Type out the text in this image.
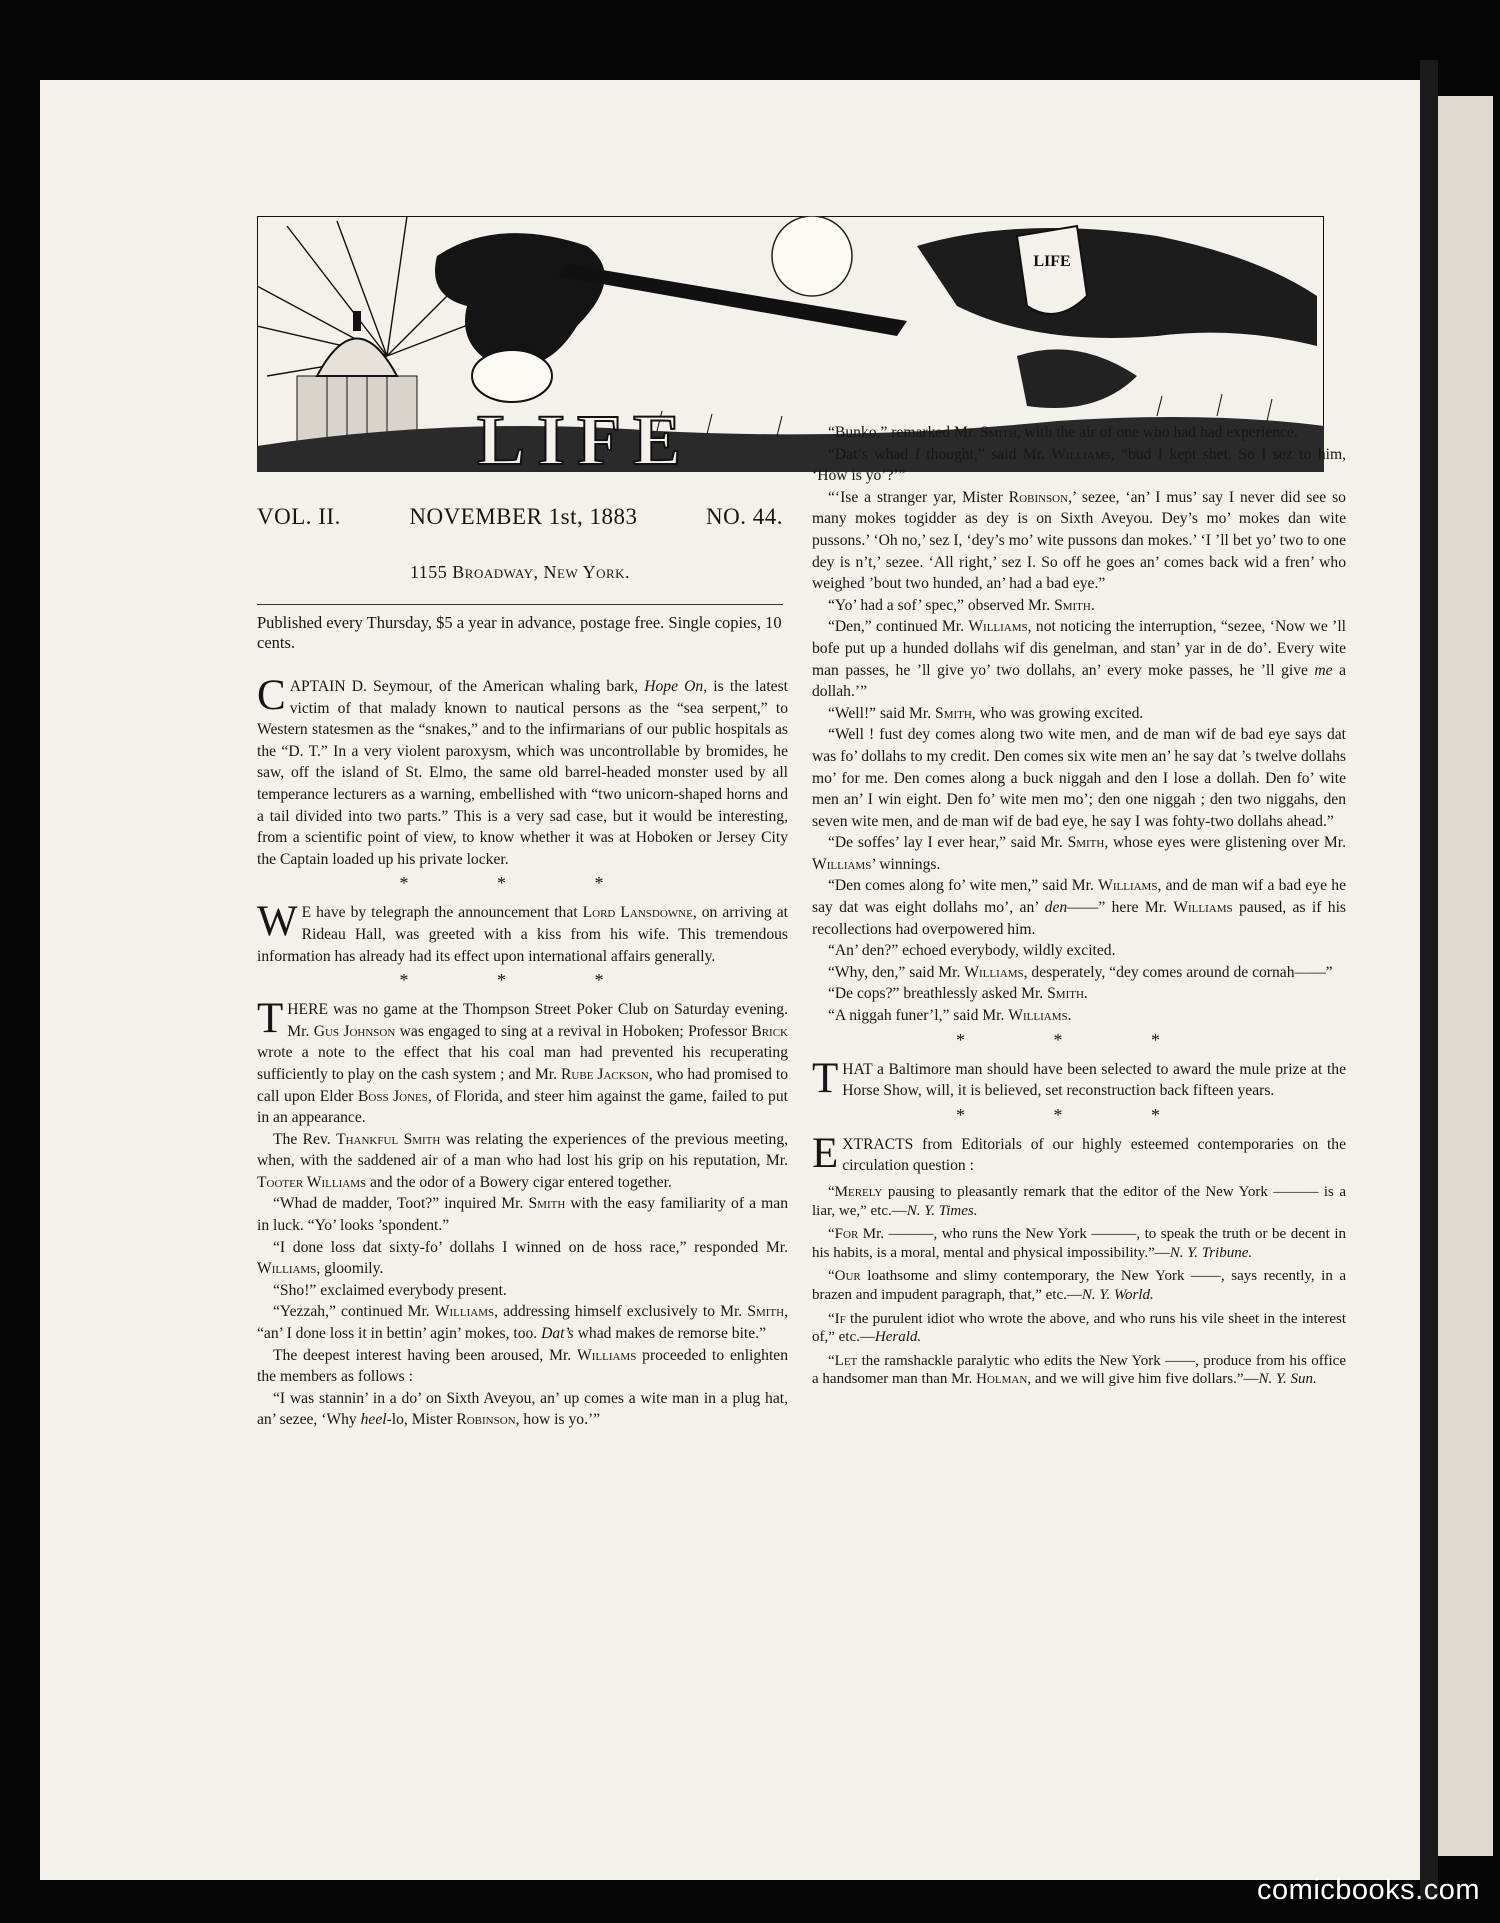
LIFE
LIFE
VOL. II.	NOVEMBER 1st, 1883	NO. 44.
1155 Broadway, New York.
Published every Thursday, $5 a year in advance, postage free. Single copies, 10 cents.

CAPTAIN D. Seymour, of the American whaling bark, Hope On, is the latest victim of that malady known to nautical persons as the “sea serpent,” to Western statesmen as the “snakes,” and to the infirmarians of our public hospitals as the “D. T.” In a very violent paroxysm, which was uncontrollable by bromides, he saw, off the island of St. Elmo, the same old barrel-headed monster used by all temperance lecturers as a warning, embellished with “two unicorn-shaped horns and a tail divided into two parts.” This is a very sad case, but it would be interesting, from a scientific point of view, to know whether it was at Hoboken or Jersey City the Captain loaded up his private locker.

* * *

W E have by telegraph the announcement that Lord Lansdowne, on arriving at Rideau Hall, was greeted with a kiss from his wife. This tremendous information has already had its effect upon international affairs generally.

* * *

THERE was no game at the Thompson Street Poker Club on Saturday evening. Mr. Gus Johnson was engaged to sing at a revival in Hoboken; Professor Brick wrote a note to the effect that his coal man had prevented his recuperating sufficiently to play on the cash system ; and Mr. Rube Jackson, who had promised to call upon Elder Boss Jones, of Florida, and steer him against the game, failed to put in an appearance.

The Rev. Thankful Smith was relating the experiences of the previous meeting, when, with the saddened air of a man who had lost his grip on his reputation, Mr. Tooter Williams and the odor of a Bowery cigar entered together.

“Whad de madder, Toot?” inquired Mr. Smith with the easy familiarity of a man in luck. “Yo’ looks ’spondent.”

“I done loss dat sixty-fo’ dollahs I winned on de hoss race,” responded Mr. Williams, gloomily.

“Sho!” exclaimed everybody present.

“Yezzah,” continued Mr. Williams, addressing himself exclusively to Mr. Smith, “an’ I done loss it in bettin’ agin’ mokes, too. Dat’s whad makes de remorse bite.”

The deepest interest having been aroused, Mr. Williams proceeded to enlighten the members as follows :

“I was stannin’ in a do’ on Sixth Aveyou, an’ up comes a wite man in a plug hat, an’ sezee, ‘Why heel-lo, Mister Robinson, how is yo.’”

“Bunko,” remarked Mr. Smith, with the air of one who had had experience.

“Dat’s whad I thought,” said Mr. Williams, “bud I kept shet. So I sez to him, ‘How is yo’?’”

“‘Ise a stranger yar, Mister Robinson,’ sezee, ‘an’ I mus’ say I never did see so many mokes togidder as dey is on Sixth Aveyou. Dey’s mo’ mokes dan wite pussons.’ ‘Oh no,’ sez I, ‘dey’s mo’ wite pussons dan mokes.’ ‘I ’ll bet yo’ two to one dey is n’t,’ sezee. ‘All right,’ sez I. So off he goes an’ comes back wid a fren’ who weighed ’bout two hunded, an’ had a bad eye.”

“Yo’ had a sof’ spec,” observed Mr. Smith.

“Den,” continued Mr. Williams, not noticing the interruption, “sezee, ‘Now we ’ll bofe put up a hunded dollahs wif dis genelman, and stan’ yar in de do’. Every wite man passes, he ’ll give yo’ two dollahs, an’ every moke passes, he ’ll give me a dollah.’”

“Well!” said Mr. Smith, who was growing excited.

“Well ! fust dey comes along two wite men, and de man wif de bad eye says dat was fo’ dollahs to my credit. Den comes six wite men an’ he say dat ’s twelve dollahs mo’ for me. Den comes along a buck niggah and den I lose a dollah. Den fo’ wite men an’ I win eight. Den fo’ wite men mo’; den one niggah ; den two niggahs, den seven wite men, and de man wif de bad eye, he say I was fohty-two dollahs ahead.”

“De soffes’ lay I ever hear,” said Mr. Smith, whose eyes were glistening over Mr. Williams’ winnings.

“Den comes along fo’ wite men,” said Mr. Williams, and de man wif a bad eye he say dat was eight dollahs mo’, an’ den——” here Mr. Williams paused, as if his recollections had overpowered him.

“An’ den?” echoed everybody, wildly excited.

“Why, den,” said Mr. Williams, desperately, “dey comes around de cornah——”

“De cops?” breathlessly asked Mr. Smith.

“A niggah funer’l,” said Mr. Williams.

* * *

THAT a Baltimore man should have been selected to award the mule prize at the Horse Show, will, it is believed, set reconstruction back fifteen years.

* * *

EXTRACTS from Editorials of our highly esteemed contemporaries on the circulation question :

“Merely pausing to pleasantly remark that the editor of the New York ——— is a liar, we,” etc.—N. Y. Times.

“For Mr. ———, who runs the New York ———, to speak the truth or be decent in his habits, is a moral, mental and physical impossibility.”—N. Y. Tribune.

“Our loathsome and slimy contemporary, the New York ——, says recently, in a brazen and impudent paragraph, that,” etc.—N. Y. World.

“If the purulent idiot who wrote the above, and who runs his vile sheet in the interest of,” etc.—Herald.

“Let the ramshackle paralytic who edits the New York ——, produce from his office a handsomer man than Mr. Holman, and we will give him five dollars.”—N. Y. Sun.

comicbooks.com
